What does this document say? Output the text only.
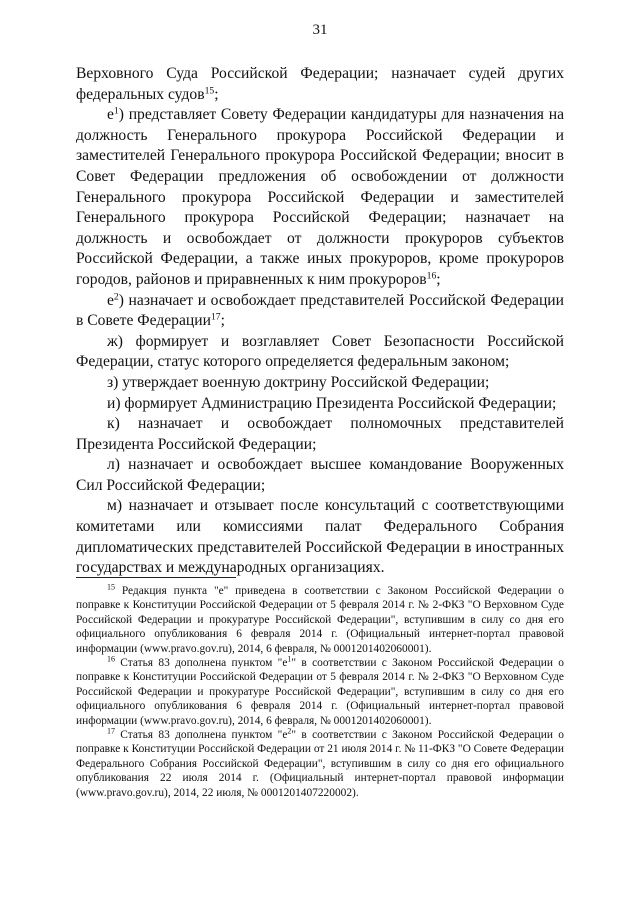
31

Верховного Суда Российской Федерации; назначает судей других федеральных судов$^{15}$;

$е^1$) представляет Совету Федерации кандидатуры для назначения на должность Генерального прокурора Российской Федерации и заместителей Генерального прокурора Российской Федерации; вносит в Совет Федерации предложения об освобождении от должности Генерального прокурора Российской Федерации и заместителей Генерального прокурора Российской Федерации; назначает на должность и освобождает от должности прокуроров субъектов Российской Федерации, а также иных прокуроров, кроме прокуроров городов, районов и приравненных к ним прокуроров$^{16}$;

$е^2$) назначает и освобождает представителей Российской Федерации в Совете Федерации$^{17}$;

ж) формирует и возглавляет Совет Безопасности Российской Федерации, статус которого определяется федеральным законом;

з) утверждает военную доктрину Российской Федерации;

и) формирует Администрацию Президента Российской Федерации;

к) назначает и освобождает полномочных представителей Президента Российской Федерации;

л) назначает и освобождает высшее командование Вооруженных Сил Российской Федерации;

м) назначает и отзывает после консультаций с соответствующими комитетами или комиссиями палат Федерального Собрания дипломатических представителей Российской Федерации в иностранных государствах и международных организациях.

$^{15}$ Редакция пункта "е" приведена в соответствии с Законом Российской Федерации о поправке к Конституции Российской Федерации от 5 февраля 2014 г. № 2-ФКЗ "О Верховном Суде Российской Федерации и прокуратуре Российской Федерации", вступившим в силу со дня его официального опубликования 6 февраля 2014 г. (Официальный интернет-портал правовой информации (www.pravo.gov.ru), 2014, 6 февраля, № 0001201402060001).

$^{16}$ Статья 83 дополнена пунктом "$е^1$" в соответствии с Законом Российской Федерации о поправке к Конституции Российской Федерации от 5 февраля 2014 г. № 2-ФКЗ "О Верховном Суде Российской Федерации и прокуратуре Российской Федерации", вступившим в силу со дня его официального опубликования 6 февраля 2014 г. (Официальный интернет-портал правовой информации (www.pravo.gov.ru), 2014, 6 февраля, № 0001201402060001).

$^{17}$ Статья 83 дополнена пунктом "$е^2$" в соответствии с Законом Российской Федерации о поправке к Конституции Российской Федерации от 21 июля 2014 г. № 11-ФКЗ "О Совете Федерации Федерального Собрания Российской Федерации", вступившим в силу со дня его официального опубликования 22 июля 2014 г. (Официальный интернет-портал правовой информации (www.pravo.gov.ru), 2014, 22 июля, № 0001201407220002).
